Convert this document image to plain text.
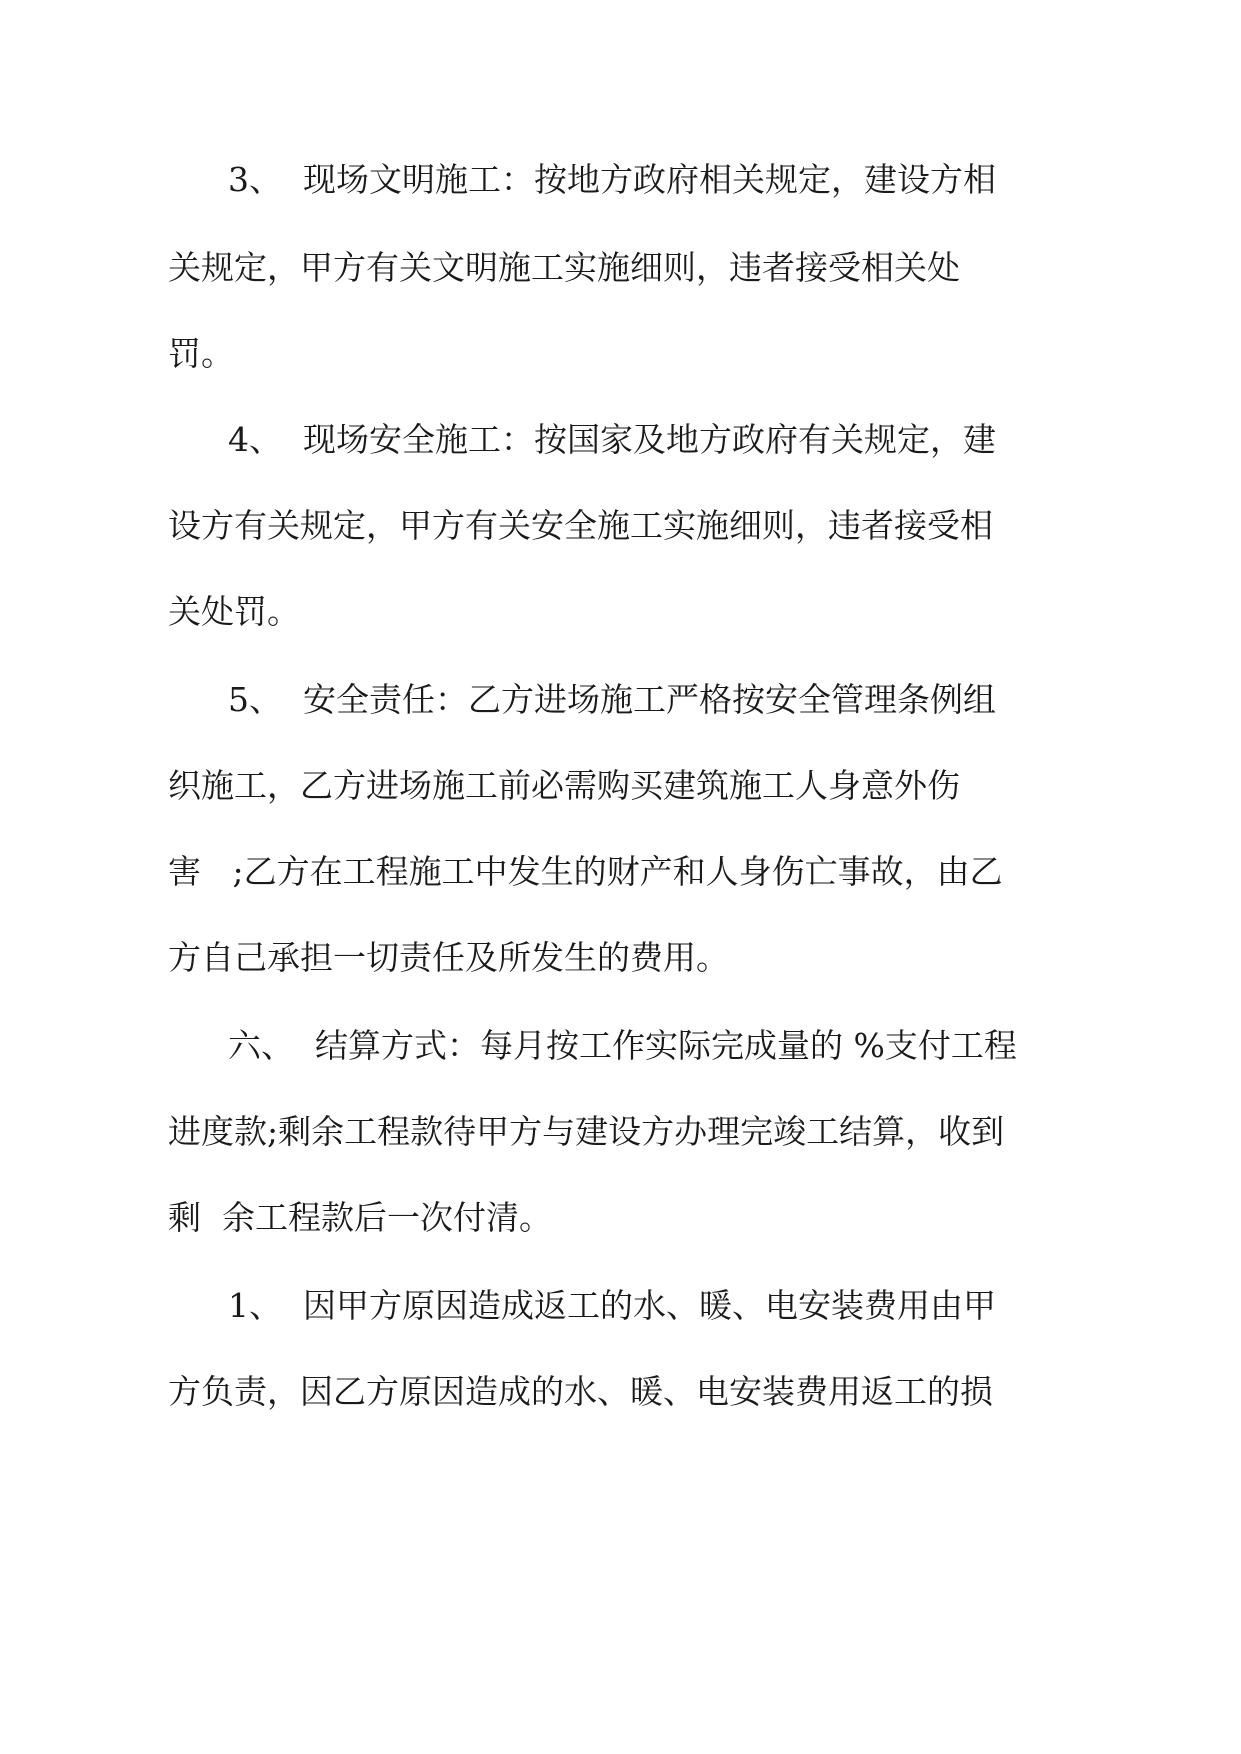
3、  现场文明施工：按地方政府相关规定，建设方相

关规定，甲方有关文明施工实施细则，违者接受相关处

罚。

4、  现场安全施工：按国家及地方政府有关规定，建

设方有关规定，甲方有关安全施工实施细则，违者接受相

关处罚。

5、  安全责任：乙方进场施工严格按安全管理条例组

织施工，乙方进场施工前必需购买建筑施工人身意外伤

害   ;乙方在工程施工中发生的财产和人身伤亡事故，由乙

方自己承担一切责任及所发生的费用。

六、  结算方式：每月按工作实际完成量的 %支付工程

进度款;剩余工程款待甲方与建设方办理完竣工结算，收到

剩  余工程款后一次付清。

1、  因甲方原因造成返工的水、暖、电安装费用由甲

方负责，因乙方原因造成的水、暖、电安装费用返工的损
